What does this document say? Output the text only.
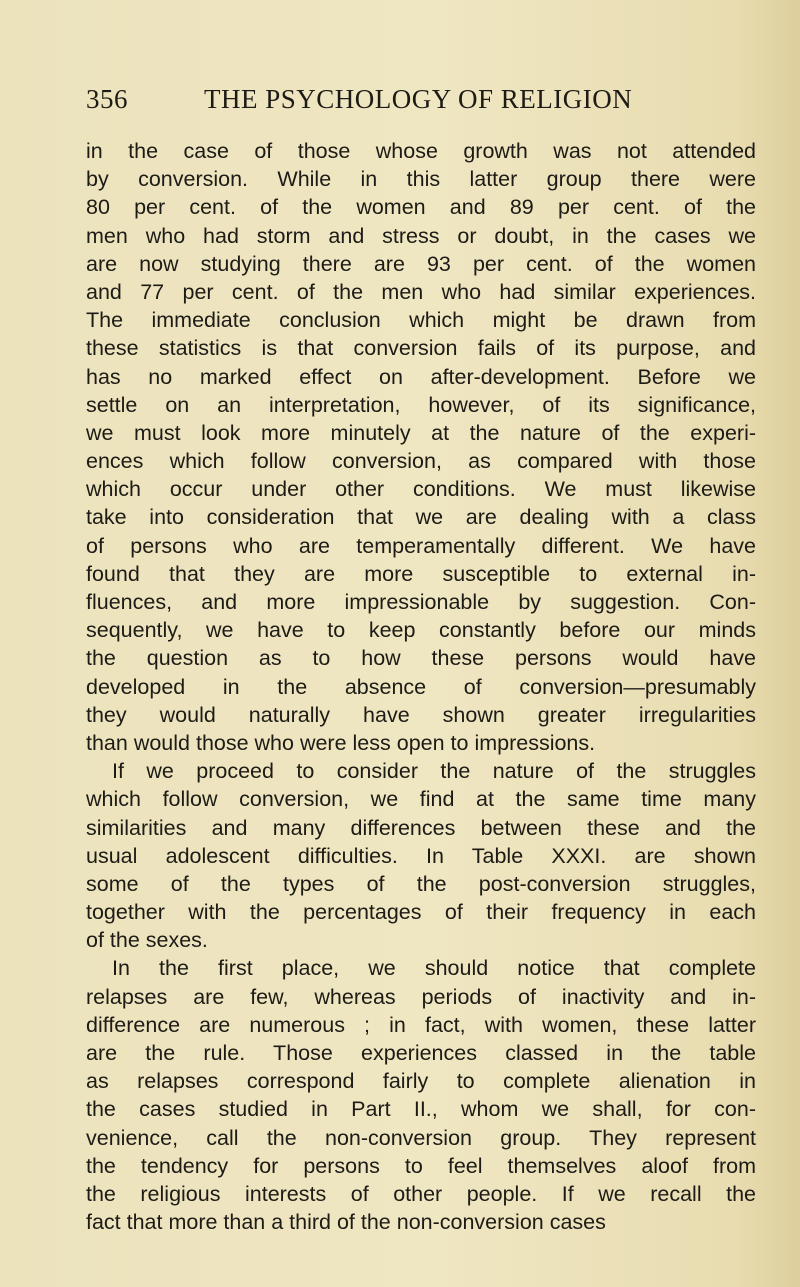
356	THE PSYCHOLOGY OF RELIGION
in the case of those whose growth was not attended
by conversion. While in this latter group there were
80 per cent. of the women and 89 per cent. of the
men who had storm and stress or doubt, in the cases we
are now studying there are 93 per cent. of the women
and 77 per cent. of the men who had similar experiences.
The immediate conclusion which might be drawn from
these statistics is that conversion fails of its purpose, and
has no marked effect on after-development. Before we
settle on an interpretation, however, of its significance,
we must look more minutely at the nature of the experi-
ences which follow conversion, as compared with those
which occur under other conditions. We must likewise
take into consideration that we are dealing with a class
of persons who are temperamentally different. We have
found that they are more susceptible to external in-
fluences, and more impressionable by suggestion. Con-
sequently, we have to keep constantly before our minds
the question as to how these persons would have
developed in the absence of conversion—presumably
they would naturally have shown greater irregularities
than would those who were less open to impressions.
If we proceed to consider the nature of the struggles
which follow conversion, we find at the same time many
similarities and many differences between these and the
usual adolescent difficulties. In Table XXXI. are shown
some of the types of the post-conversion struggles,
together with the percentages of their frequency in each
of the sexes.
In the first place, we should notice that complete
relapses are few, whereas periods of inactivity and in-
difference are numerous ; in fact, with women, these latter
are the rule. Those experiences classed in the table
as relapses correspond fairly to complete alienation in
the cases studied in Part II., whom we shall, for con-
venience, call the non-conversion group. They represent
the tendency for persons to feel themselves aloof from
the religious interests of other people. If we recall the
fact that more than a third of the non-conversion cases
